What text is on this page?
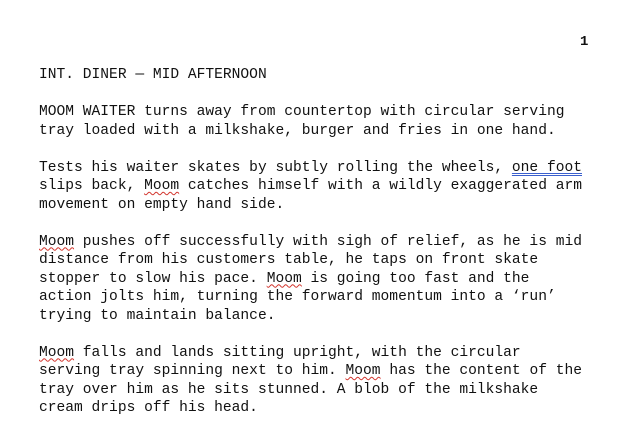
1
INT. DINER — MID AFTERNOON
MOOM WAITER turns away from countertop with circular serving
tray loaded with a milkshake, burger and fries in one hand.
Tests his waiter skates by subtly rolling the wheels, one foot
slips back, Moom catches himself with a wildly exaggerated arm
movement on empty hand side.
Moom pushes off successfully with sigh of relief, as he is mid
distance from his customers table, he taps on front skate
stopper to slow his pace. Moom is going too fast and the
action jolts him, turning the forward momentum into a ‘run’
trying to maintain balance.
Moom falls and lands sitting upright, with the circular
serving tray spinning next to him. Moom has the content of the
tray over him as he sits stunned. A blob of the milkshake
cream drips off his head.
